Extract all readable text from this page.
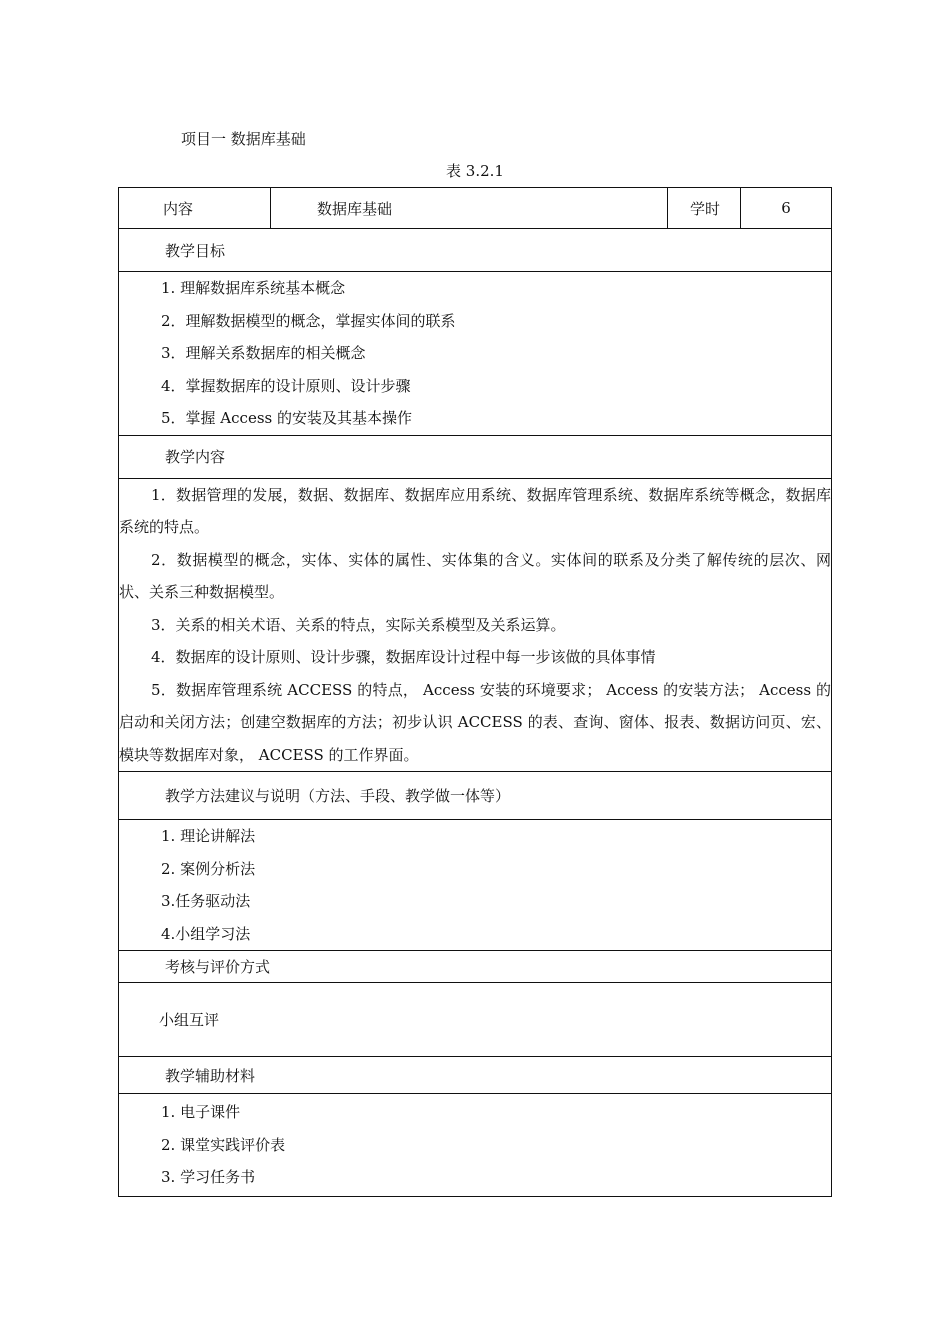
项目一 数据库基础
表 3.2.1
内容	数据库基础	学时	6
教学目标

1. 理解数据库系统基本概念
2．理解数据模型的概念，掌握实体间的联系
3．理解关系数据库的相关概念
4．掌握数据库的设计原则、设计步骤
5．掌握 Access 的安装及其基本操作

教学内容

1．数据管理的发展，数据、数据库、数据库应用系统、数据库管理系统、数据库系统等概念，数据库系统的特点。
2．数据模型的概念，实体、实体的属性、实体集的含义。实体间的联系及分类了解传统的层次、网状、关系三种数据模型。
3．关系的相关术语、关系的特点，实际关系模型及关系运算。
4．数据库的设计原则、设计步骤，数据库设计过程中每一步该做的具体事情
5．数据库管理系统 ACCESS 的特点， Access 安装的环境要求； Access 的安装方法； Access 的启动和关闭方法；创建空数据库的方法；初步认识 ACCESS 的表、查询、窗体、报表、数据访问页、宏、模块等数据库对象， ACCESS 的工作界面。

教学方法建议与说明（方法、手段、教学做一体等）

1. 理论讲解法
2. 案例分析法
3.任务驱动法
4.小组学习法

考核与评价方式
小组互评
教学辅助材料

1. 电子课件
2. 课堂实践评价表
3. 学习任务书
